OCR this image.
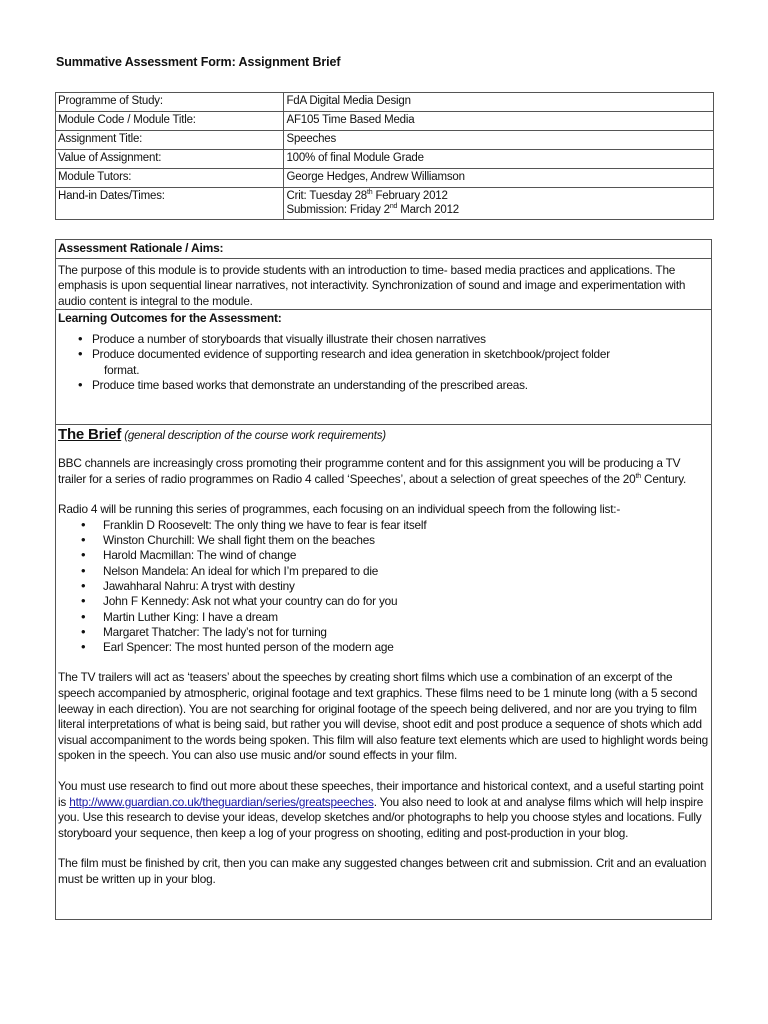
Summative Assessment Form: Assignment Brief
Programme of Study:	FdA Digital Media Design
Module Code / Module Title:	AF105 Time Based Media
Assignment Title:	Speeches
Value of Assignment:	100% of final Module Grade
Module Tutors:	George Hedges, Andrew Williamson
Hand-in Dates/Times:	Crit: Tuesday 28th February 2012
Submission: Friday 2nd March 2012
Assessment Rationale / Aims:
The purpose of this module is to provide students with an introduction to time- based media practices and applications. The emphasis is upon sequential linear narratives, not interactivity. Synchronization of sound and image and experimentation with audio content is integral to the module.
Learning Outcomes for the Assessment:
• Produce a number of storyboards that visually illustrate their chosen narratives
• Produce documented evidence of supporting research and idea generation in sketchbook/project folder
format.
• Produce time based works that demonstrate an understanding of the prescribed areas.
The Brief (general description of the course work requirements)
BBC channels are increasingly cross promoting their programme content and for this assignment you will be producing a TV trailer for a series of radio programmes on Radio 4 called ‘Speeches’, about a selection of great speeches of the 20th Century.
Radio 4 will be running this series of programmes, each focusing on an individual speech from the following list:-
• Franklin D Roosevelt: The only thing we have to fear is fear itself
• Winston Churchill: We shall fight them on the beaches
• Harold Macmillan: The wind of change
• Nelson Mandela: An ideal for which I’m prepared to die
• Jawahharal Nahru: A tryst with destiny
• John F Kennedy: Ask not what your country can do for you
• Martin Luther King: I have a dream
• Margaret Thatcher: The lady’s not for turning
• Earl Spencer: The most hunted person of the modern age
The TV trailers will act as ‘teasers’ about the speeches by creating short films which use a combination of an excerpt of the speech accompanied by atmospheric, original footage and text graphics. These films need to be 1 minute long (with a 5 second leeway in each direction). You are not searching for original footage of the speech being delivered, and nor are you trying to film literal interpretations of what is being said, but rather you will devise, shoot edit and post produce a sequence of shots which add visual accompaniment to the words being spoken. This film will also feature text elements which are used to highlight words being spoken in the speech. You can also use music and/or sound effects in your film.
You must use research to find out more about these speeches, their importance and historical context, and a useful starting point is http://www.guardian.co.uk/theguardian/series/greatspeeches. You also need to look at and analyse films which will help inspire you. Use this research to devise your ideas, develop sketches and/or photographs to help you choose styles and locations. Fully storyboard your sequence, then keep a log of your progress on shooting, editing and post-production in your blog.
The film must be finished by crit, then you can make any suggested changes between crit and submission. Crit and an evaluation must be written up in your blog.
